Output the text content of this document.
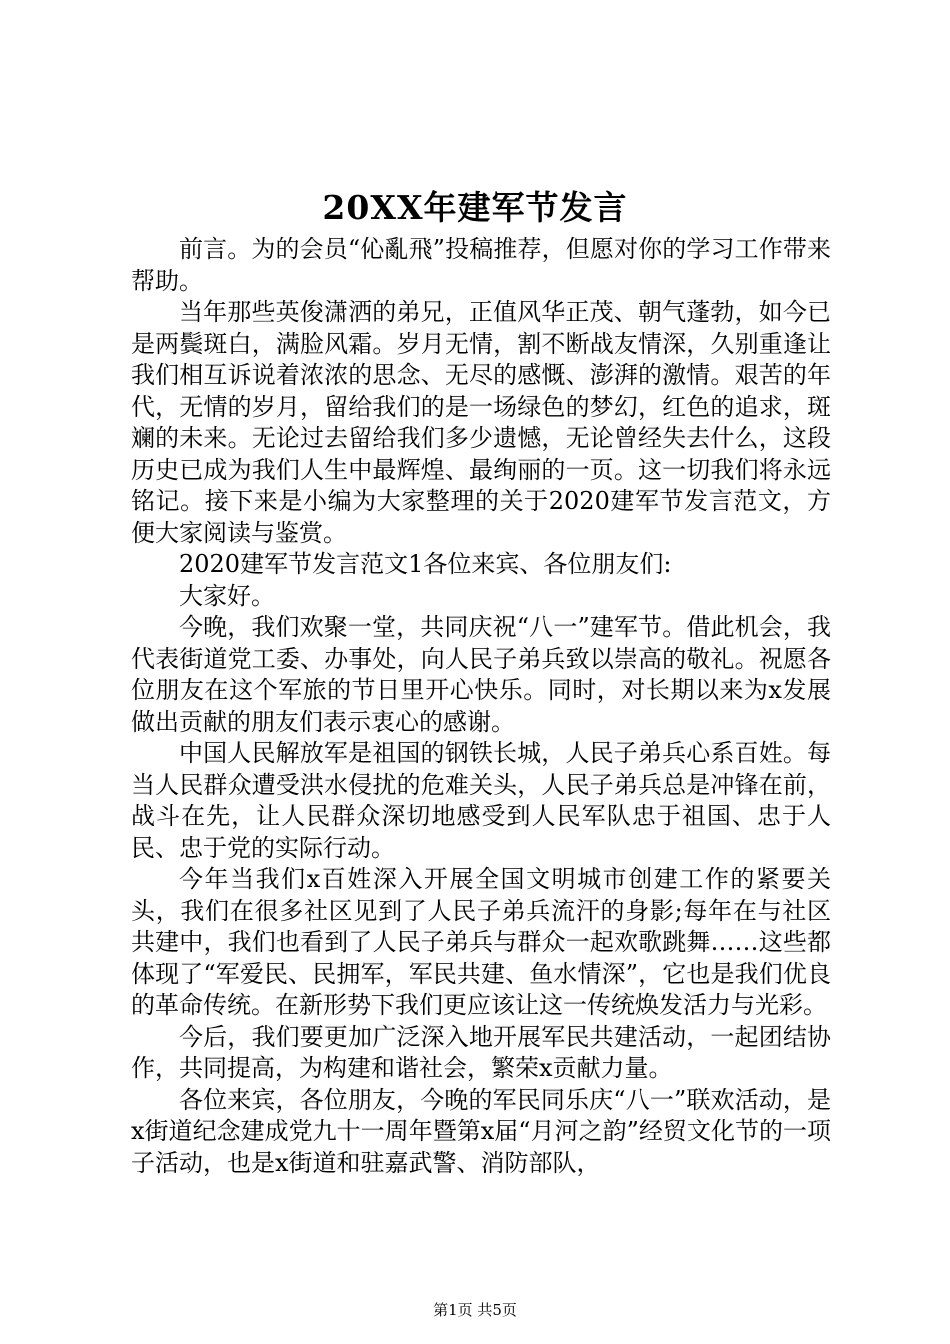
20XX年建军节发言

前言。为的会员“伈亂飛”投稿推荐，但愿对你的学习工作带来帮助。

当年那些英俊潇洒的弟兄，正值风华正茂、朝气蓬勃，如今已是两鬓斑白，满脸风霜。岁月无情，割不断战友情深，久别重逢让我们相互诉说着浓浓的思念、无尽的感慨、澎湃的激情。艰苦的年代，无情的岁月，留给我们的是一场绿色的梦幻，红色的追求，斑斓的未来。无论过去留给我们多少遗憾，无论曾经失去什么，这段历史已成为我们人生中最辉煌、最绚丽的一页。这一切我们将永远铭记。接下来是小编为大家整理的关于2020建军节发言范文，方便大家阅读与鉴赏。

2020建军节发言范文1各位来宾、各位朋友们:

大家好。

今晚，我们欢聚一堂，共同庆祝“八一”建军节。借此机会，我代表街道党工委、办事处，向人民子弟兵致以崇高的敬礼。祝愿各位朋友在这个军旅的节日里开心快乐。同时，对长期以来为x发展做出贡献的朋友们表示衷心的感谢。

中国人民解放军是祖国的钢铁长城，人民子弟兵心系百姓。每当人民群众遭受洪水侵扰的危难关头，人民子弟兵总是冲锋在前，战斗在先，让人民群众深切地感受到人民军队忠于祖国、忠于人民、忠于党的实际行动。

今年当我们x百姓深入开展全国文明城市创建工作的紧要关头，我们在很多社区见到了人民子弟兵流汗的身影;每年在与社区共建中，我们也看到了人民子弟兵与群众一起欢歌跳舞……这些都体现了“军爱民、民拥军，军民共建、鱼水情深”，它也是我们优良的革命传统。在新形势下我们更应该让这一传统焕发活力与光彩。

今后，我们要更加广泛深入地开展军民共建活动，一起团结协作，共同提高，为构建和谐社会，繁荣x贡献力量。

各位来宾，各位朋友，今晚的军民同乐庆“八一”联欢活动，是x街道纪念建成党九十一周年暨第x届“月河之韵”经贸文化节的一项子活动，也是x街道和驻嘉武警、消防部队，

第1页 共5页
